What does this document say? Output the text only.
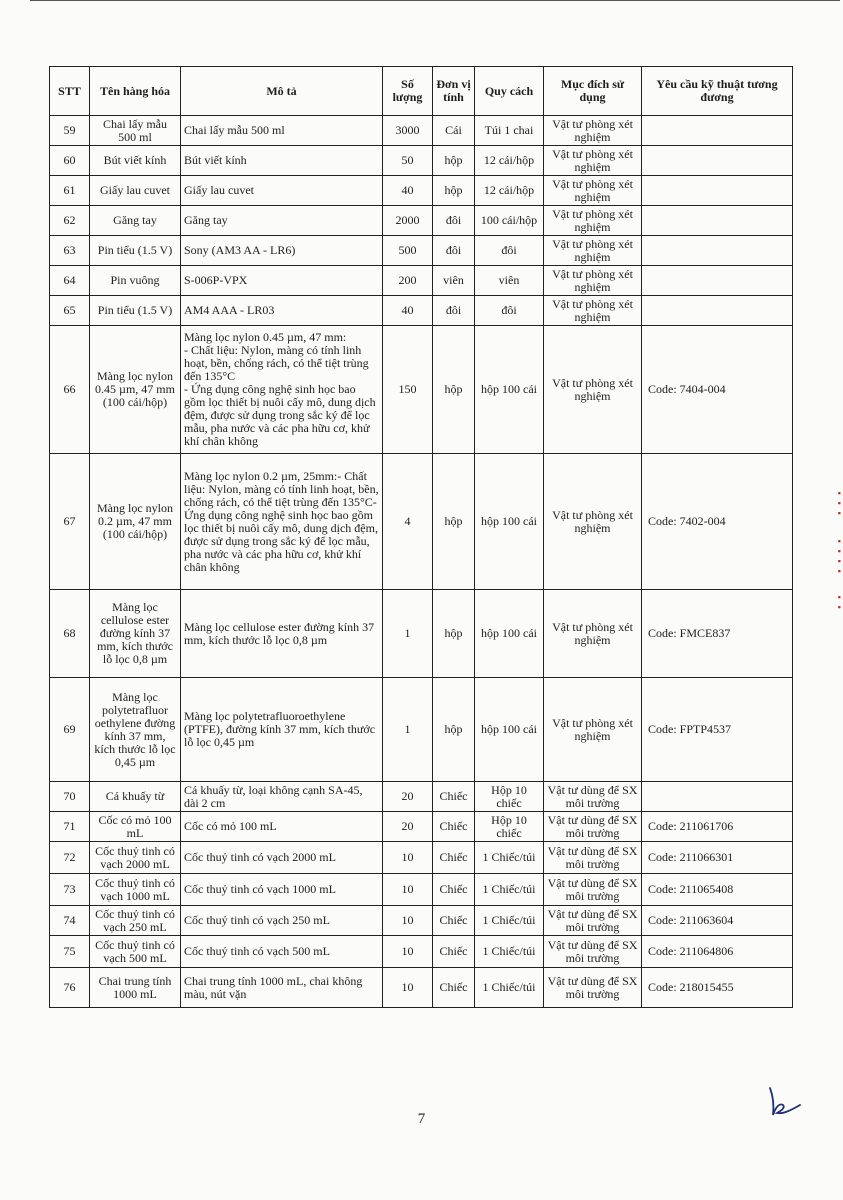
▪
▪
▪
▪
▪
▪
▪
▪
▪
STT	Tên hàng hóa	Mô tả	Số lượng	Đơn vị tính	Quy cách	Mục đích sử dụng	Yêu cầu kỹ thuật tương đương
59	Chai lấy mẫu 500 ml	Chai lấy mẫu 500 ml	3000	Cái	Túi 1 chai	Vật tư phòng xét nghiệm	
60	Bút viết kính	Bút viết kính	50	hộp	12 cái/hộp	Vật tư phòng xét nghiệm	
61	Giấy lau cuvet	Giấy lau cuvet	40	hộp	12 cái/hộp	Vật tư phòng xét nghiệm	
62	Găng tay	Găng tay	2000	đôi	100 cái/hộp	Vật tư phòng xét nghiệm	
63	Pin tiểu (1.5 V)	Sony (AM3 AA - LR6)	500	đôi	đôi	Vật tư phòng xét nghiệm	
64	Pin vuông	S-006P-VPX	200	viên	viên	Vật tư phòng xét nghiệm	
65	Pin tiểu (1.5 V)	AM4 AAA - LR03	40	đôi	đôi	Vật tư phòng xét nghiệm	
66	Màng lọc nylon 0.45 µm, 47 mm (100 cái/hộp)	Màng lọc nylon 0.45 µm, 47 mm:
- Chất liệu: Nylon, màng có tính linh hoạt, bền, chống rách, có thể tiệt trùng đến 135°C
- Ứng dụng công nghệ sinh học bao gồm lọc thiết bị nuôi cấy mô, dung dịch đệm, được sử dụng trong sắc ký để lọc mẫu, pha nước và các pha hữu cơ, khử khí chân không	150	hộp	hộp 100 cái	Vật tư phòng xét nghiệm	Code: 7404-004
67	Màng lọc nylon 0.2 µm, 47 mm (100 cái/hộp)	Màng lọc nylon 0.2 µm, 25mm:- Chất liệu: Nylon, màng có tính linh hoạt, bền, chống rách, có thể tiệt trùng đến 135°C- Ứng dụng công nghệ sinh học bao gồm lọc thiết bị nuôi cấy mô, dung dịch đệm, được sử dụng trong sắc ký để lọc mẫu, pha nước và các pha hữu cơ, khử khí chân không	4	hộp	hộp 100 cái	Vật tư phòng xét nghiệm	Code: 7402-004
68	Màng lọc cellulose ester đường kính 37 mm, kích thước lỗ lọc 0,8 µm	Màng lọc cellulose ester đường kính 37 mm, kích thước lỗ lọc 0,8 µm	1	hộp	hộp 100 cái	Vật tư phòng xét nghiệm	Code: FMCE837
69	Màng lọc polytetrafluor oethylene đường kính 37 mm, kích thước lỗ lọc 0,45 µm	Màng lọc polytetrafluoroethylene (PTFE), đường kính 37 mm, kích thước lỗ lọc 0,45 µm	1	hộp	hộp 100 cái	Vật tư phòng xét nghiệm	Code: FPTP4537
70	Cá khuấy từ	Cá khuấy từ, loại không cạnh SA-45, dài 2 cm	20	Chiếc	Hộp 10 chiếc	Vật tư dùng để SX môi trường	
71	Cốc có mỏ 100 mL	Cốc có mỏ 100 mL	20	Chiếc	Hộp 10 chiếc	Vật tư dùng để SX môi trường	Code: 211061706
72	Cốc thuỷ tinh có vạch 2000 mL	Cốc thuỷ tinh có vạch 2000 mL	10	Chiếc	1 Chiếc/túi	Vật tư dùng để SX môi trường	Code: 211066301
73	Cốc thuỷ tinh có vạch 1000 mL	Cốc thuỷ tinh có vạch 1000 mL	10	Chiếc	1 Chiếc/túi	Vật tư dùng để SX môi trường	Code: 211065408
74	Cốc thuỷ tinh có vạch 250 mL	Cốc thuỷ tinh có vạch 250 mL	10	Chiếc	1 Chiếc/túi	Vật tư dùng để SX môi trường	Code: 211063604
75	Cốc thuỷ tinh có vạch 500 mL	Cốc thuỷ tinh có vạch 500 mL	10	Chiếc	1 Chiếc/túi	Vật tư dùng để SX môi trường	Code: 211064806
76	Chai trung tính 1000 mL	Chai trung tính 1000 mL, chai không màu, nút vặn	10	Chiếc	1 Chiếc/túi	Vật tư dùng để SX môi trường	Code: 218015455
7
